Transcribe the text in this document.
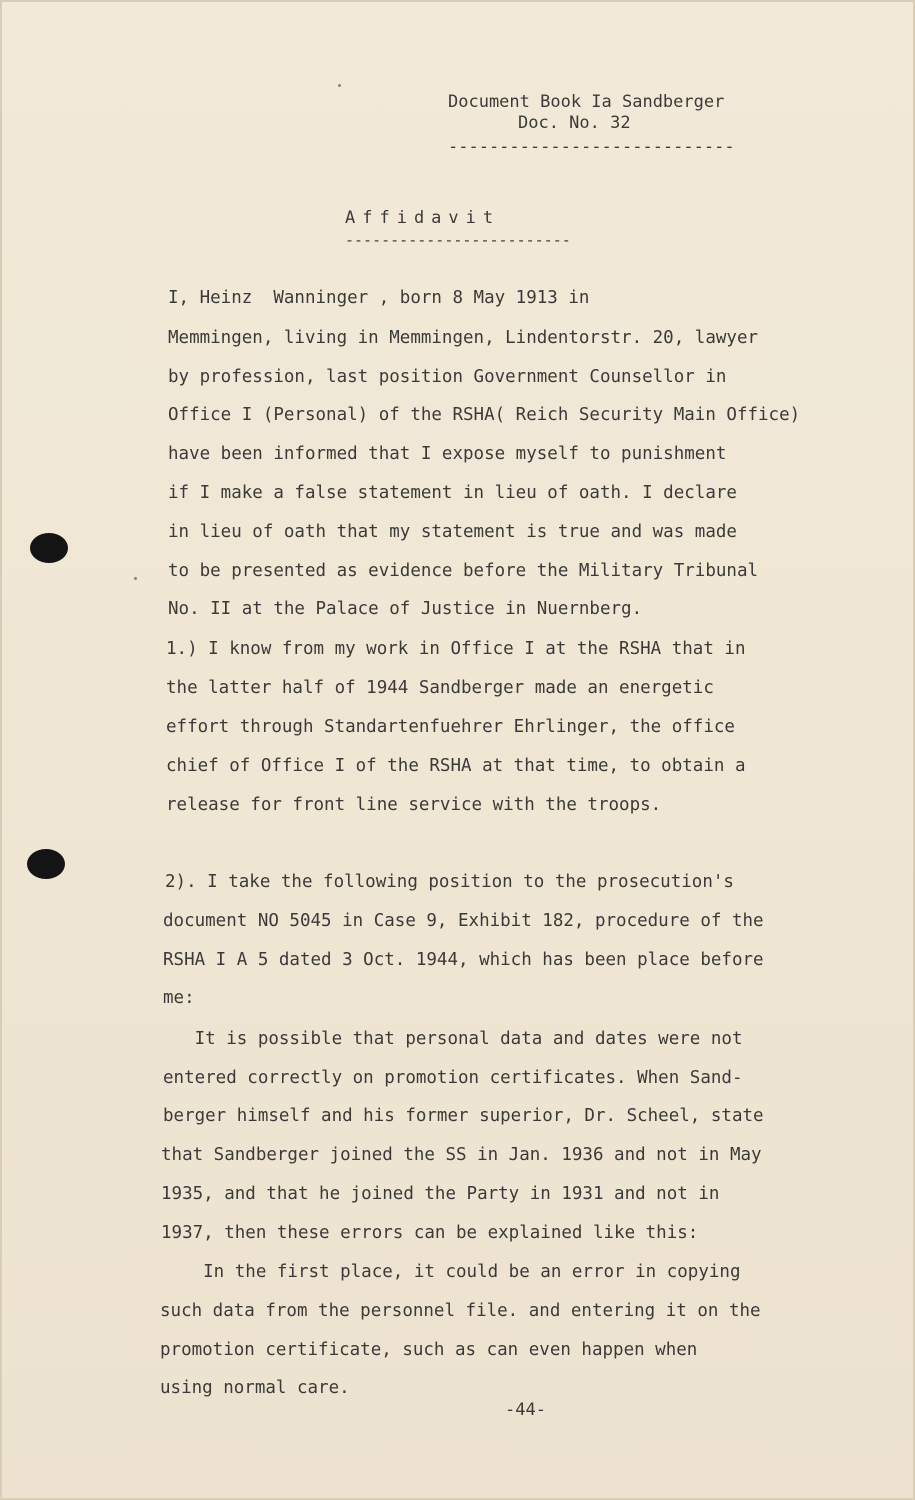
Document Book Ia Sandberger
Doc. No. 32
----------------------------
Affidavit
-------------------------
I, Heinz  Wanninger , born 8 May 1913 in
Memmingen, living in Memmingen, Lindentorstr. 20, lawyer
by profession, last position Government Counsellor in
Office I (Personal) of the RSHA( Reich Security Main Office)
have been informed that I expose myself to punishment
if I make a false statement in lieu of oath. I declare
in lieu of oath that my statement is true and was made
to be presented as evidence before the Military Tribunal
No. II at the Palace of Justice in Nuernberg.
1.) I know from my work in Office I at the RSHA that in
the latter half of 1944 Sandberger made an energetic
effort through Standartenfuehrer Ehrlinger, the office
chief of Office I of the RSHA at that time, to obtain a
release for front line service with the troops.
2). I take the following position to the prosecution's
document NO 5045 in Case 9, Exhibit 182, procedure of the
RSHA I A 5 dated 3 Oct. 1944, which has been place before
me:
It is possible that personal data and dates were not
entered correctly on promotion certificates. When Sand-
berger himself and his former superior, Dr. Scheel, state
that Sandberger joined the SS in Jan. 1936 and not in May
1935, and that he joined the Party in 1931 and not in
1937, then these errors can be explained like this:
In the first place, it could be an error in copying
such data from the personnel file. and entering it on the
promotion certificate, such as can even happen when
using normal care.
-44-
